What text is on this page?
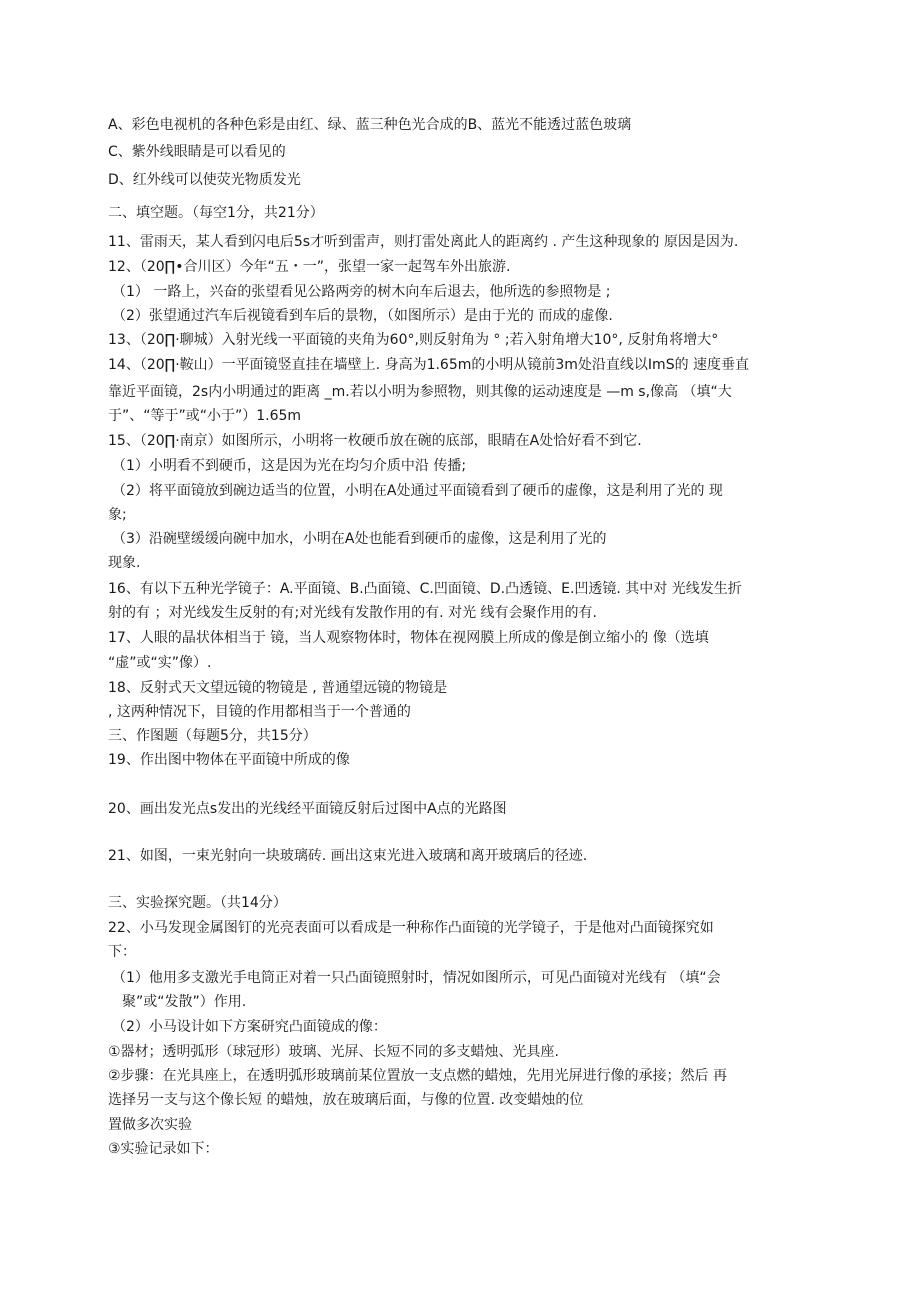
A、彩色电视机的各种色彩是由红、绿、蓝三种色光合成的B、蓝光不能透过蓝色玻璃
C、紫外线眼睛是可以看见的
D、红外线可以使荧光物质发光
二、填空题。（每空1分，共21分）
11、雷雨天，某人看到闪电后5s才听到雷声，则打雷处离此人的距离约 . 产生这种现象的 原因是因为.
12、（20∏•合川区）今年“五・一”，张望一家一起驾车外出旅游.
（1） 一路上，兴奋的张望看见公路两旁的树木向车后退去，他所选的参照物是 ;
（2）张望通过汽车后视镜看到车后的景物，（如图所示）是由于光的 而成的虚像.
13、（20∏·聊城）入射光线一平面镜的夹角为60°,则反射角为 ° ;若入射角增大10°, 反射角将增大°
14、（20∏·鞍山）一平面镜竖直挂在墙壁上. 身高为1.65m的小明从镜前3m处沿直线以ImS的 速度垂直
靠近平面镜，2s内小明通过的距离 _m.若以小明为参照物，则其像的运动速度是 —m s,像高 （填“大
于”、“等于”或“小于”）1.65m
15、（20∏·南京）如图所示，小明将一枚硬币放在碗的底部，眼睛在A处恰好看不到它.
（1）小明看不到硬币，这是因为光在均匀介质中沿 传播;
（2）将平面镜放到碗边适当的位置，小明在A处通过平面镜看到了硬币的虚像，这是利用了光的 现
象;
（3）沿碗壁缓缓向碗中加水，小明在A处也能看到硬币的虚像，这是利用了光的
现象.
16、有以下五种光学镜子：A.平面镜、B.凸面镜、C.凹面镜、D.凸透镜、E.凹透镜. 其中对 光线发生折
射的有 ；对光线发生反射的有;对光线有发散作用的有. 对光 线有会聚作用的有.
17、人眼的晶状体相当于 镜，当人观察物体时，物体在视网膜上所成的像是倒立缩小的 像（选填
“虚”或“实”像）.
18、反射式天文望远镜的物镜是 , 普通望远镜的物镜是
, 这两种情况下，目镜的作用都相当于一个普通的
三、作图题（每题5分，共15分）
19、作出图中物体在平面镜中所成的像
20、画出发光点s发出的光线经平面镜反射后过图中A点的光路图
21、如图，一束光射向一块玻璃砖. 画出这束光进入玻璃和离开玻璃后的径迹.
三、实验探究题。（共14分）
22、小马发现金属图钉的光亮表面可以看成是一种称作凸面镜的光学镜子，于是他对凸面镜探究如
下：
（1）他用多支激光手电筒正对着一只凸面镜照射时，情况如图所示，可见凸面镜对光线有 （填“会
聚”或“发散”）作用.
（2）小马设计如下方案研究凸面镜成的像：
①器材；透明弧形（球冠形）玻璃、光屏、长短不同的多支蜡烛、光具座.
②步骤：在光具座上，在透明弧形玻璃前某位置放一支点燃的蜡烛，先用光屏进行像的承接；然后 再
选择另一支与这个像长短 的蜡烛，放在玻璃后面，与像的位置. 改变蜡烛的位
置做多次实验
③实验记录如下：
